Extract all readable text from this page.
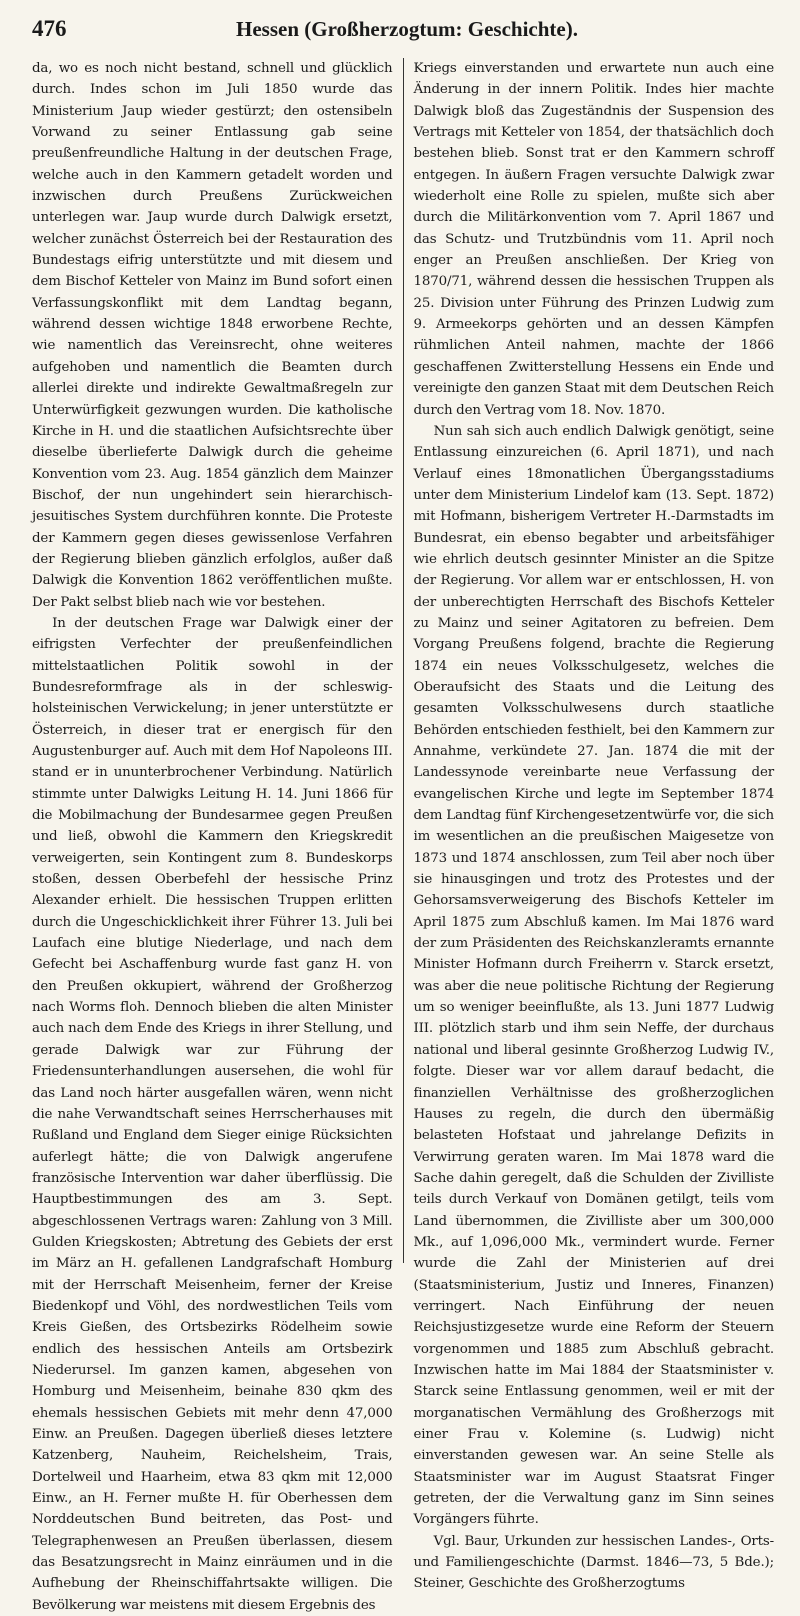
476	Hessen (Großherzogtum: Geschichte).

da, wo es noch nicht bestand, schnell und glücklich durch. Indes schon im Juli 1850 wurde das Ministerium Jaup wieder gestürzt; den ostensibeln Vorwand zu seiner Entlassung gab seine preußenfreundliche Haltung in der deutschen Frage, welche auch in den Kammern getadelt worden und inzwischen durch Preußens Zurückweichen unterlegen war. Jaup wurde durch Dalwigk ersetzt, welcher zunächst Österreich bei der Restauration des Bundestags eifrig unterstützte und mit diesem und dem Bischof Ketteler von Mainz im Bund sofort einen Verfassungskonflikt mit dem Landtag begann, während dessen wichtige 1848 erworbene Rechte, wie namentlich das Vereinsrecht, ohne weiteres aufgehoben und namentlich die Beamten durch allerlei direkte und indirekte Gewaltmaßregeln zur Unterwürfigkeit gezwungen wurden. Die katholische Kirche in H. und die staatlichen Aufsichtsrechte über dieselbe überlieferte Dalwigk durch die geheime Konvention vom 23. Aug. 1854 gänzlich dem Mainzer Bischof, der nun ungehindert sein hierarchisch-jesuitisches System durchführen konnte. Die Proteste der Kammern gegen dieses gewissenlose Verfahren der Regierung blieben gänzlich erfolglos, außer daß Dalwigk die Konvention 1862 veröffentlichen mußte. Der Pakt selbst blieb nach wie vor bestehen.

In der deutschen Frage war Dalwigk einer der eifrigsten Verfechter der preußenfeindlichen mittelstaatlichen Politik sowohl in der Bundesreformfrage als in der schleswig-holsteinischen Verwickelung; in jener unterstützte er Österreich, in dieser trat er energisch für den Augustenburger auf. Auch mit dem Hof Napoleons III. stand er in ununterbrochener Verbindung. Natürlich stimmte unter Dalwigks Leitung H. 14. Juni 1866 für die Mobilmachung der Bundesarmee gegen Preußen und ließ, obwohl die Kammern den Kriegskredit verweigerten, sein Kontingent zum 8. Bundeskorps stoßen, dessen Oberbefehl der hessische Prinz Alexander erhielt. Die hessischen Truppen erlitten durch die Ungeschicklichkeit ihrer Führer 13. Juli bei Laufach eine blutige Niederlage, und nach dem Gefecht bei Aschaffenburg wurde fast ganz H. von den Preußen okkupiert, während der Großherzog nach Worms floh. Dennoch blieben die alten Minister auch nach dem Ende des Kriegs in ihrer Stellung, und gerade Dalwigk war zur Führung der Friedensunterhandlungen ausersehen, die wohl für das Land noch härter ausgefallen wären, wenn nicht die nahe Verwandtschaft seines Herrscherhauses mit Rußland und England dem Sieger einige Rücksichten auferlegt hätte; die von Dalwigk angerufene französische Intervention war daher überflüssig. Die Hauptbestimmungen des am 3. Sept. abgeschlossenen Vertrags waren: Zahlung von 3 Mill. Gulden Kriegskosten; Abtretung des Gebiets der erst im März an H. gefallenen Landgrafschaft Homburg mit der Herrschaft Meisenheim, ferner der Kreise Biedenkopf und Vöhl, des nordwestlichen Teils vom Kreis Gießen, des Ortsbezirks Rödelheim sowie endlich des hessischen Anteils am Ortsbezirk Niederursel. Im ganzen kamen, abgesehen von Homburg und Meisenheim, beinahe 830 qkm des ehemals hessischen Gebiets mit mehr denn 47,000 Einw. an Preußen. Dagegen überließ dieses letztere Katzenberg, Nauheim, Reichelsheim, Trais, Dortelweil und Haarheim, etwa 83 qkm mit 12,000 Einw., an H. Ferner mußte H. für Oberhessen dem Norddeutschen Bund beitreten, das Post- und Telegraphenwesen an Preußen überlassen, diesem das Besatzungsrecht in Mainz einräumen und in die Aufhebung der Rheinschiffahrtsakte willigen. Die Bevölkerung war meistens mit diesem Ergebnis des

Kriegs einverstanden und erwartete nun auch eine Änderung in der innern Politik. Indes hier machte Dalwigk bloß das Zugeständnis der Suspension des Vertrags mit Ketteler von 1854, der thatsächlich doch bestehen blieb. Sonst trat er den Kammern schroff entgegen. In äußern Fragen versuchte Dalwigk zwar wiederholt eine Rolle zu spielen, mußte sich aber durch die Militärkonvention vom 7. April 1867 und das Schutz- und Trutzbündnis vom 11. April noch enger an Preußen anschließen. Der Krieg von 1870/71, während dessen die hessischen Truppen als 25. Division unter Führung des Prinzen Ludwig zum 9. Armeekorps gehörten und an dessen Kämpfen rühmlichen Anteil nahmen, machte der 1866 geschaffenen Zwitterstellung Hessens ein Ende und vereinigte den ganzen Staat mit dem Deutschen Reich durch den Vertrag vom 18. Nov. 1870.

Nun sah sich auch endlich Dalwigk genötigt, seine Entlassung einzureichen (6. April 1871), und nach Verlauf eines 18monatlichen Übergangsstadiums unter dem Ministerium Lindelof kam (13. Sept. 1872) mit Hofmann, bisherigem Vertreter H.-Darmstadts im Bundesrat, ein ebenso begabter und arbeitsfähiger wie ehrlich deutsch gesinnter Minister an die Spitze der Regierung. Vor allem war er entschlossen, H. von der unberechtigten Herrschaft des Bischofs Ketteler zu Mainz und seiner Agitatoren zu befreien. Dem Vorgang Preußens folgend, brachte die Regierung 1874 ein neues Volksschulgesetz, welches die Oberaufsicht des Staats und die Leitung des gesamten Volksschulwesens durch staatliche Behörden entschieden festhielt, bei den Kammern zur Annahme, verkündete 27. Jan. 1874 die mit der Landessynode vereinbarte neue Verfassung der evangelischen Kirche und legte im September 1874 dem Landtag fünf Kirchengesetzentwürfe vor, die sich im wesentlichen an die preußischen Maigesetze von 1873 und 1874 anschlossen, zum Teil aber noch über sie hinausgingen und trotz des Protestes und der Gehorsamsverweigerung des Bischofs Ketteler im April 1875 zum Abschluß kamen. Im Mai 1876 ward der zum Präsidenten des Reichskanzleramts ernannte Minister Hofmann durch Freiherrn v. Starck ersetzt, was aber die neue politische Richtung der Regierung um so weniger beeinflußte, als 13. Juni 1877 Ludwig III. plötzlich starb und ihm sein Neffe, der durchaus national und liberal gesinnte Großherzog Ludwig IV., folgte. Dieser war vor allem darauf bedacht, die finanziellen Verhältnisse des großherzoglichen Hauses zu regeln, die durch den übermäßig belasteten Hofstaat und jahrelange Defizits in Verwirrung geraten waren. Im Mai 1878 ward die Sache dahin geregelt, daß die Schulden der Zivilliste teils durch Verkauf von Domänen getilgt, teils vom Land übernommen, die Zivilliste aber um 300,000 Mk., auf 1,096,000 Mk., vermindert wurde. Ferner wurde die Zahl der Ministerien auf drei (Staatsministerium, Justiz und Inneres, Finanzen) verringert. Nach Einführung der neuen Reichsjustizgesetze wurde eine Reform der Steuern vorgenommen und 1885 zum Abschluß gebracht. Inzwischen hatte im Mai 1884 der Staatsminister v. Starck seine Entlassung genommen, weil er mit der morganatischen Vermählung des Großherzogs mit einer Frau v. Kolemine (s. Ludwig) nicht einverstanden gewesen war. An seine Stelle als Staatsminister war im August Staatsrat Finger getreten, der die Verwaltung ganz im Sinn seines Vorgängers führte.

Vgl. Baur, Urkunden zur hessischen Landes-, Orts- und Familiengeschichte (Darmst. 1846—73, 5 Bde.); Steiner, Geschichte des Großherzogtums
